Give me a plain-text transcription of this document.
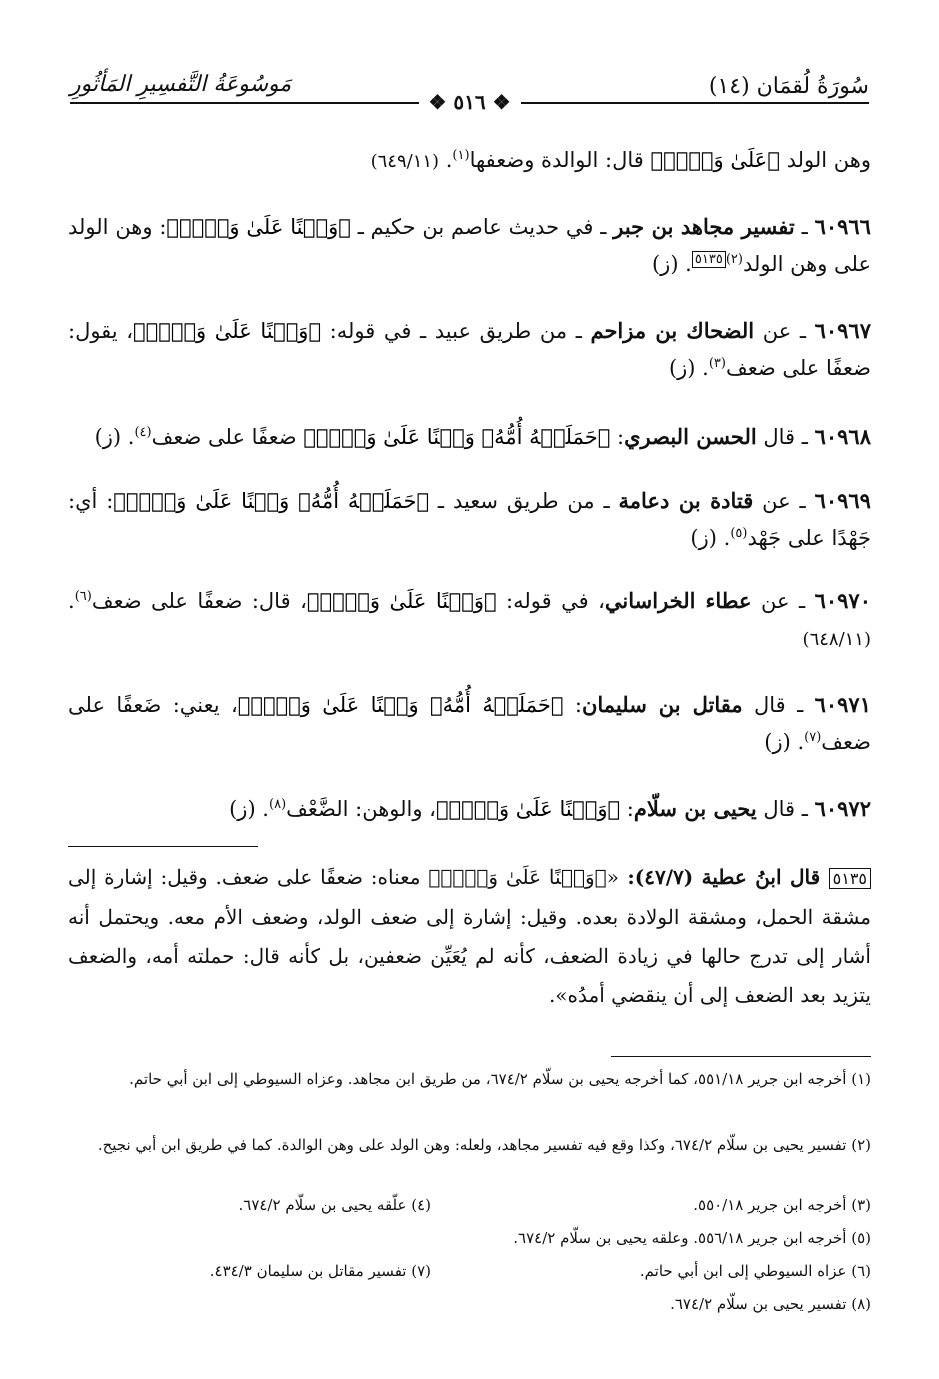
سُورَةُ لُقمَان (١٤)
مَوسُوعَةُ التَّفسِيرِ المَأثُورِ
❖ ٥١٦ ❖
وهن الولد ﴿عَلَىٰ وَهۡنٖ﴾ قال: الوالدة وضعفها$^{(١)}$. (٦٤٩/١١)
٦٠٩٦٦ ـ تفسير مجاهد بن جبر ـ في حديث عاصم بن حكيم ـ ﴿وَهۡنًا عَلَىٰ وَهۡنٖ﴾: وهن الولد على وهن الولد$^{(٢)٥١٣٥}$. (ز)
٦٠٩٦٧ ـ عن الضحاك بن مزاحم ـ من طريق عبيد ـ في قوله: ﴿وَهۡنًا عَلَىٰ وَهۡنٖ﴾، يقول: ضعفًا على ضعف$^{(٣)}$. (ز)
٦٠٩٦٨ ـ قال الحسن البصري: ﴿حَمَلَتۡهُ أُمُّهُۥ وَهۡنًا عَلَىٰ وَهۡنٖ﴾ ضعفًا على ضعف$^{(٤)}$. (ز)
٦٠٩٦٩ ـ عن قتادة بن دعامة ـ من طريق سعيد ـ ﴿حَمَلَتۡهُ أُمُّهُۥ وَهۡنًا عَلَىٰ وَهۡنٖ﴾: أي: جَهْدًا على جَهْد$^{(٥)}$. (ز)
٦٠٩٧٠ ـ عن عطاء الخراساني، في قوله: ﴿وَهۡنًا عَلَىٰ وَهۡنٖ﴾، قال: ضعفًا على ضعف$^{(٦)}$. (٦٤٨/١١)
٦٠٩٧١ ـ قال مقاتل بن سليمان: ﴿حَمَلَتۡهُ أُمُّهُۥ وَهۡنًا عَلَىٰ وَهۡنٖ﴾، يعني: ضَعفًا على ضعف$^{(٧)}$. (ز)
٦٠٩٧٢ ـ قال يحيى بن سلّام: ﴿وَهۡنًا عَلَىٰ وَهۡنٖ﴾، والوهن: الضَّعْف$^{(٨)}$. (ز)
٥١٣٥ قال ابنُ عطية (٤٧/٧): «﴿وَهۡنًا عَلَىٰ وَهۡنٖ﴾ معناه: ضعفًا على ضعف. وقيل: إشارة إلى مشقة الحمل، ومشقة الولادة بعده. وقيل: إشارة إلى ضعف الولد، وضعف الأم معه. ويحتمل أنه أشار إلى تدرج حالها في زيادة الضعف، كأنه لم يُعَيِّن ضعفين، بل كأنه قال: حملته أمه، والضعف يتزيد بعد الضعف إلى أن ينقضي أمدُه».
(١) أخرجه ابن جرير ٥٥١/١٨، كما أخرجه يحيى بن سلّام ٦٧٤/٢، من طريق ابن مجاهد. وعزاه السيوطي إلى ابن أبي حاتم.
(٢) تفسير يحيى بن سلّام ٦٧٤/٢، وكذا وقع فيه تفسير مجاهد، ولعله: وهن الولد على وهن الوالدة. كما في طريق ابن أبي نجيح.
(٣) أخرجه ابن جرير ٥٥٠/١٨.
(٤) علّقه يحيى بن سلّام ٦٧٤/٢.
(٥) أخرجه ابن جرير ٥٥٦/١٨. وعلقه يحيى بن سلّام ٦٧٤/٢.
(٦) عزاه السيوطي إلى ابن أبي حاتم.
(٧) تفسير مقاتل بن سليمان ٤٣٤/٣.
(٨) تفسير يحيى بن سلّام ٦٧٤/٢.
